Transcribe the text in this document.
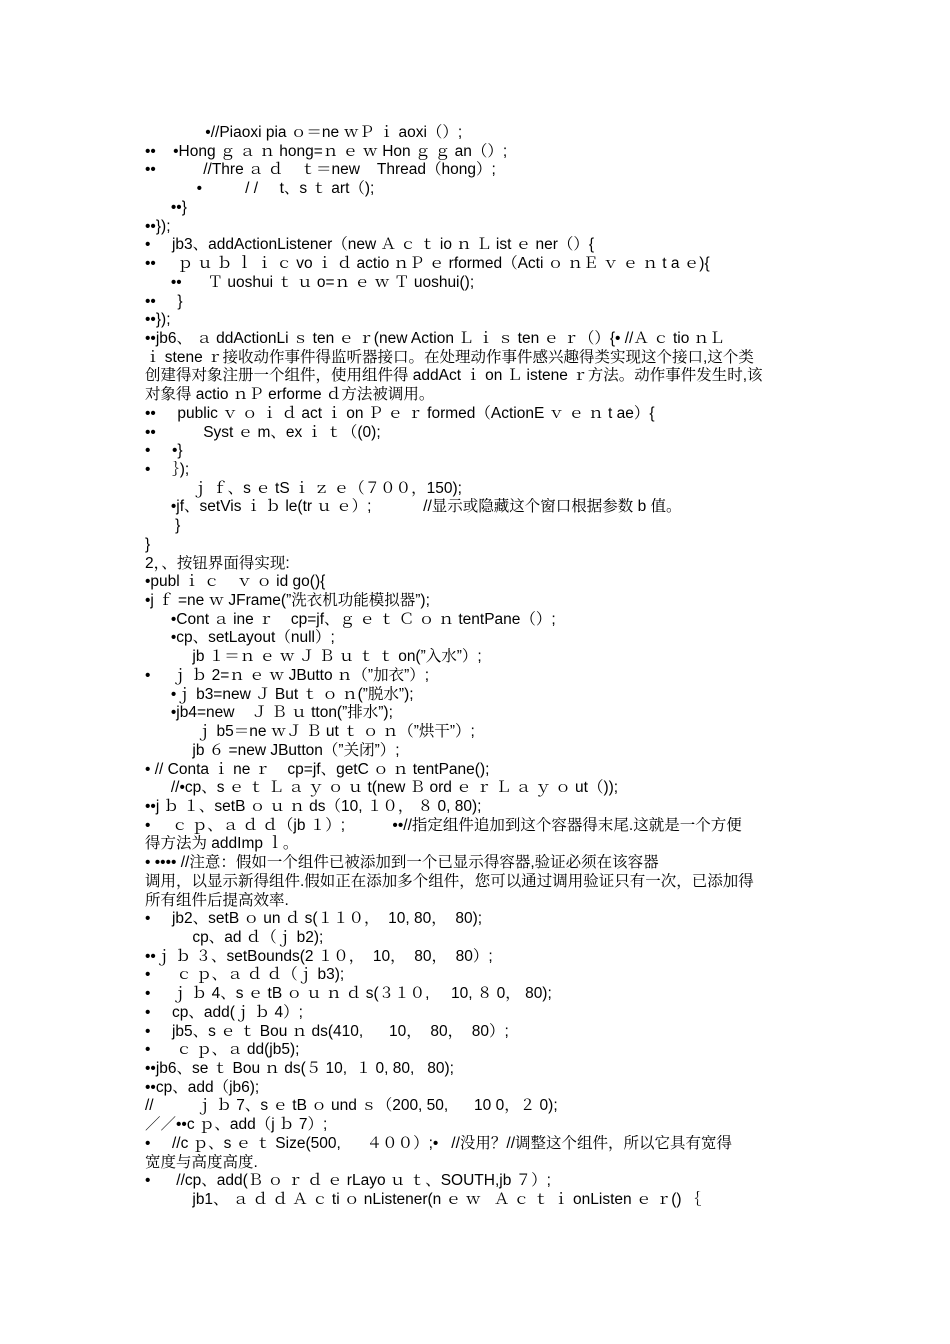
•//Piaoxi pia ｏ＝ne ｗＰ ｉ aoxi（）;
••    •Hong ｇ ａ ｎ hong=ｎ ｅ ｗ Hon ｇ ｇ an（）;
••           //Thre ａ ｄ    ｔ＝new    Thread（hong）;
•          / /     t、s ｔ art（);
••}
••});
•     jb3、addActionListener（new Ａ ｃ ｔ io ｎ Ｌ ist ｅ ner（）{
••     ｐ ｕ ｂ ｌ ｉ ｃ vo ｉ ｄ actio ｎＰ ｅ rformed（Acti ｏ ｎＥ ｖ ｅ ｎ t a ｅ){
••      Ｔ uoshui ｔ ｕ o=ｎ ｅ ｗ Ｔ uoshui();
••     }
••});
••jb6、 ａ ddActionLi ｓ ten ｅ ｒ(new Action Ｌ ｉ ｓ ten ｅ ｒ（）{• //Ａ ｃ tio ｎＬ
ｉ stene ｒ接收动作事件得监听器接口。在处理动作事件感兴趣得类实现这个接口,这个类
创建得对象注册一个组件，使用组件得 addAct ｉ on Ｌ istene ｒ方法。动作事件发生时,该
对象得 actio ｎＰ erforme ｄ方法被调用。
••     public ｖ ｏ ｉ ｄ act ｉ on Ｐ ｅ ｒ formed（ActionE ｖ ｅ ｎ t ae）{
••           Syst ｅ m、ex ｉ ｔ（(0);
•     •}
•     ｝);
ｊ ｆ、s ｅ tS ｉ ｚ ｅ（７００，150);
•jf、setVis ｉ ｂ le(tr ｕ ｅ）;            //显示或隐藏这个窗口根据参数 b 值。
}
}
2，、按钮界面得实现:
•publ ｉ ｃ    ｖ ｏ id go(){
•j ｆ =ne ｗ JFrame(”洗衣机功能模拟器”);
•Cont ａ ine ｒ    cp=jf、ｇ ｅ ｔ Ｃ ｏ ｎ tentPane（）;
•cp、setLayout（null）;
jb １＝ｎ ｅ ｗ Ｊ Ｂ ｕ ｔ ｔ on(”入水”）;
•     ｊ ｂ 2=ｎ ｅ ｗ JButto ｎ（”加衣”）;
•ｊ b3=new Ｊ But ｔ ｏ ｎ(”脱水”);
•jb4=new    Ｊ Ｂ ｕ tton(”排水”);
ｊ b5＝ne ｗＪ Ｂ ut ｔ ｏ ｎ（”烘干”）;
jb ６ =new JButton（”关闭”）;
• // Conta ｉ ne ｒ    cp=jf、getC ｏ ｎ tentPane();
//•cp、s ｅ ｔ Ｌ ａ ｙ ｏ ｕ t(new Ｂ ord ｅ ｒ Ｌ ａ ｙ ｏ ut（));
••j ｂ １、setB ｏ ｕ ｎ ds（10, １０， ８ 0, 80);
•     ｃ ｐ、ａ ｄ ｄ（jb １）;           ••//指定组件追加到这个容器得末尾.这就是一个方便
得方法为 addImp ｌ。
• •••• //注意：假如一个组件已被添加到一个已显示得容器,验证必须在该容器
调用，以显示新得组件.假如正在添加多个组件，您可以通过调用验证只有一次，已添加得
所有组件后提高效率.
•     jb2、setB ｏ un ｄ s(１１０，  10, 80，  80);
cp、ad ｄ（ｊ b2);
••ｊ ｂ ３、setBounds(2 １０，  10，  80，  80）;
•      ｃ ｐ、ａ ｄ ｄ（ｊ b3);
•     ｊ ｂ 4、s ｅ tB ｏ ｕ ｎ ｄ s(３１０,     10, ８ 0， 80);
•     cp、add(ｊ ｂ 4）;
•     jb5、s ｅ ｔ Bou ｎ ds(410,      10，  80，  80）;
•      ｃ ｐ、ａ dd(jb5);
••jb6、se ｔ Bou ｎ ds(５ 10,  １ 0, 80,   80);
••cp、add（jb6);
//          ｊ ｂ 7、s ｅ tB ｏ und ｓ（200, 50,      10 0，２ 0);
／／••c ｐ、add（j ｂ 7）;
•     //c ｐ、s ｅ ｔ Size(500,      ４００）;•   //没用？//调整这个组件，所以它具有宽得
宽度与高度高度.
•      //cp、add(Ｂ ｏ ｒ ｄ ｅ rLayo ｕ ｔ、SOUTH,jb ７）;
jb1、 ａ ｄ ｄ Ａ ｃ ti ｏ nListener(n ｅ ｗ   Ａ ｃ ｔ ｉ onListen ｅ ｒ() ｛
